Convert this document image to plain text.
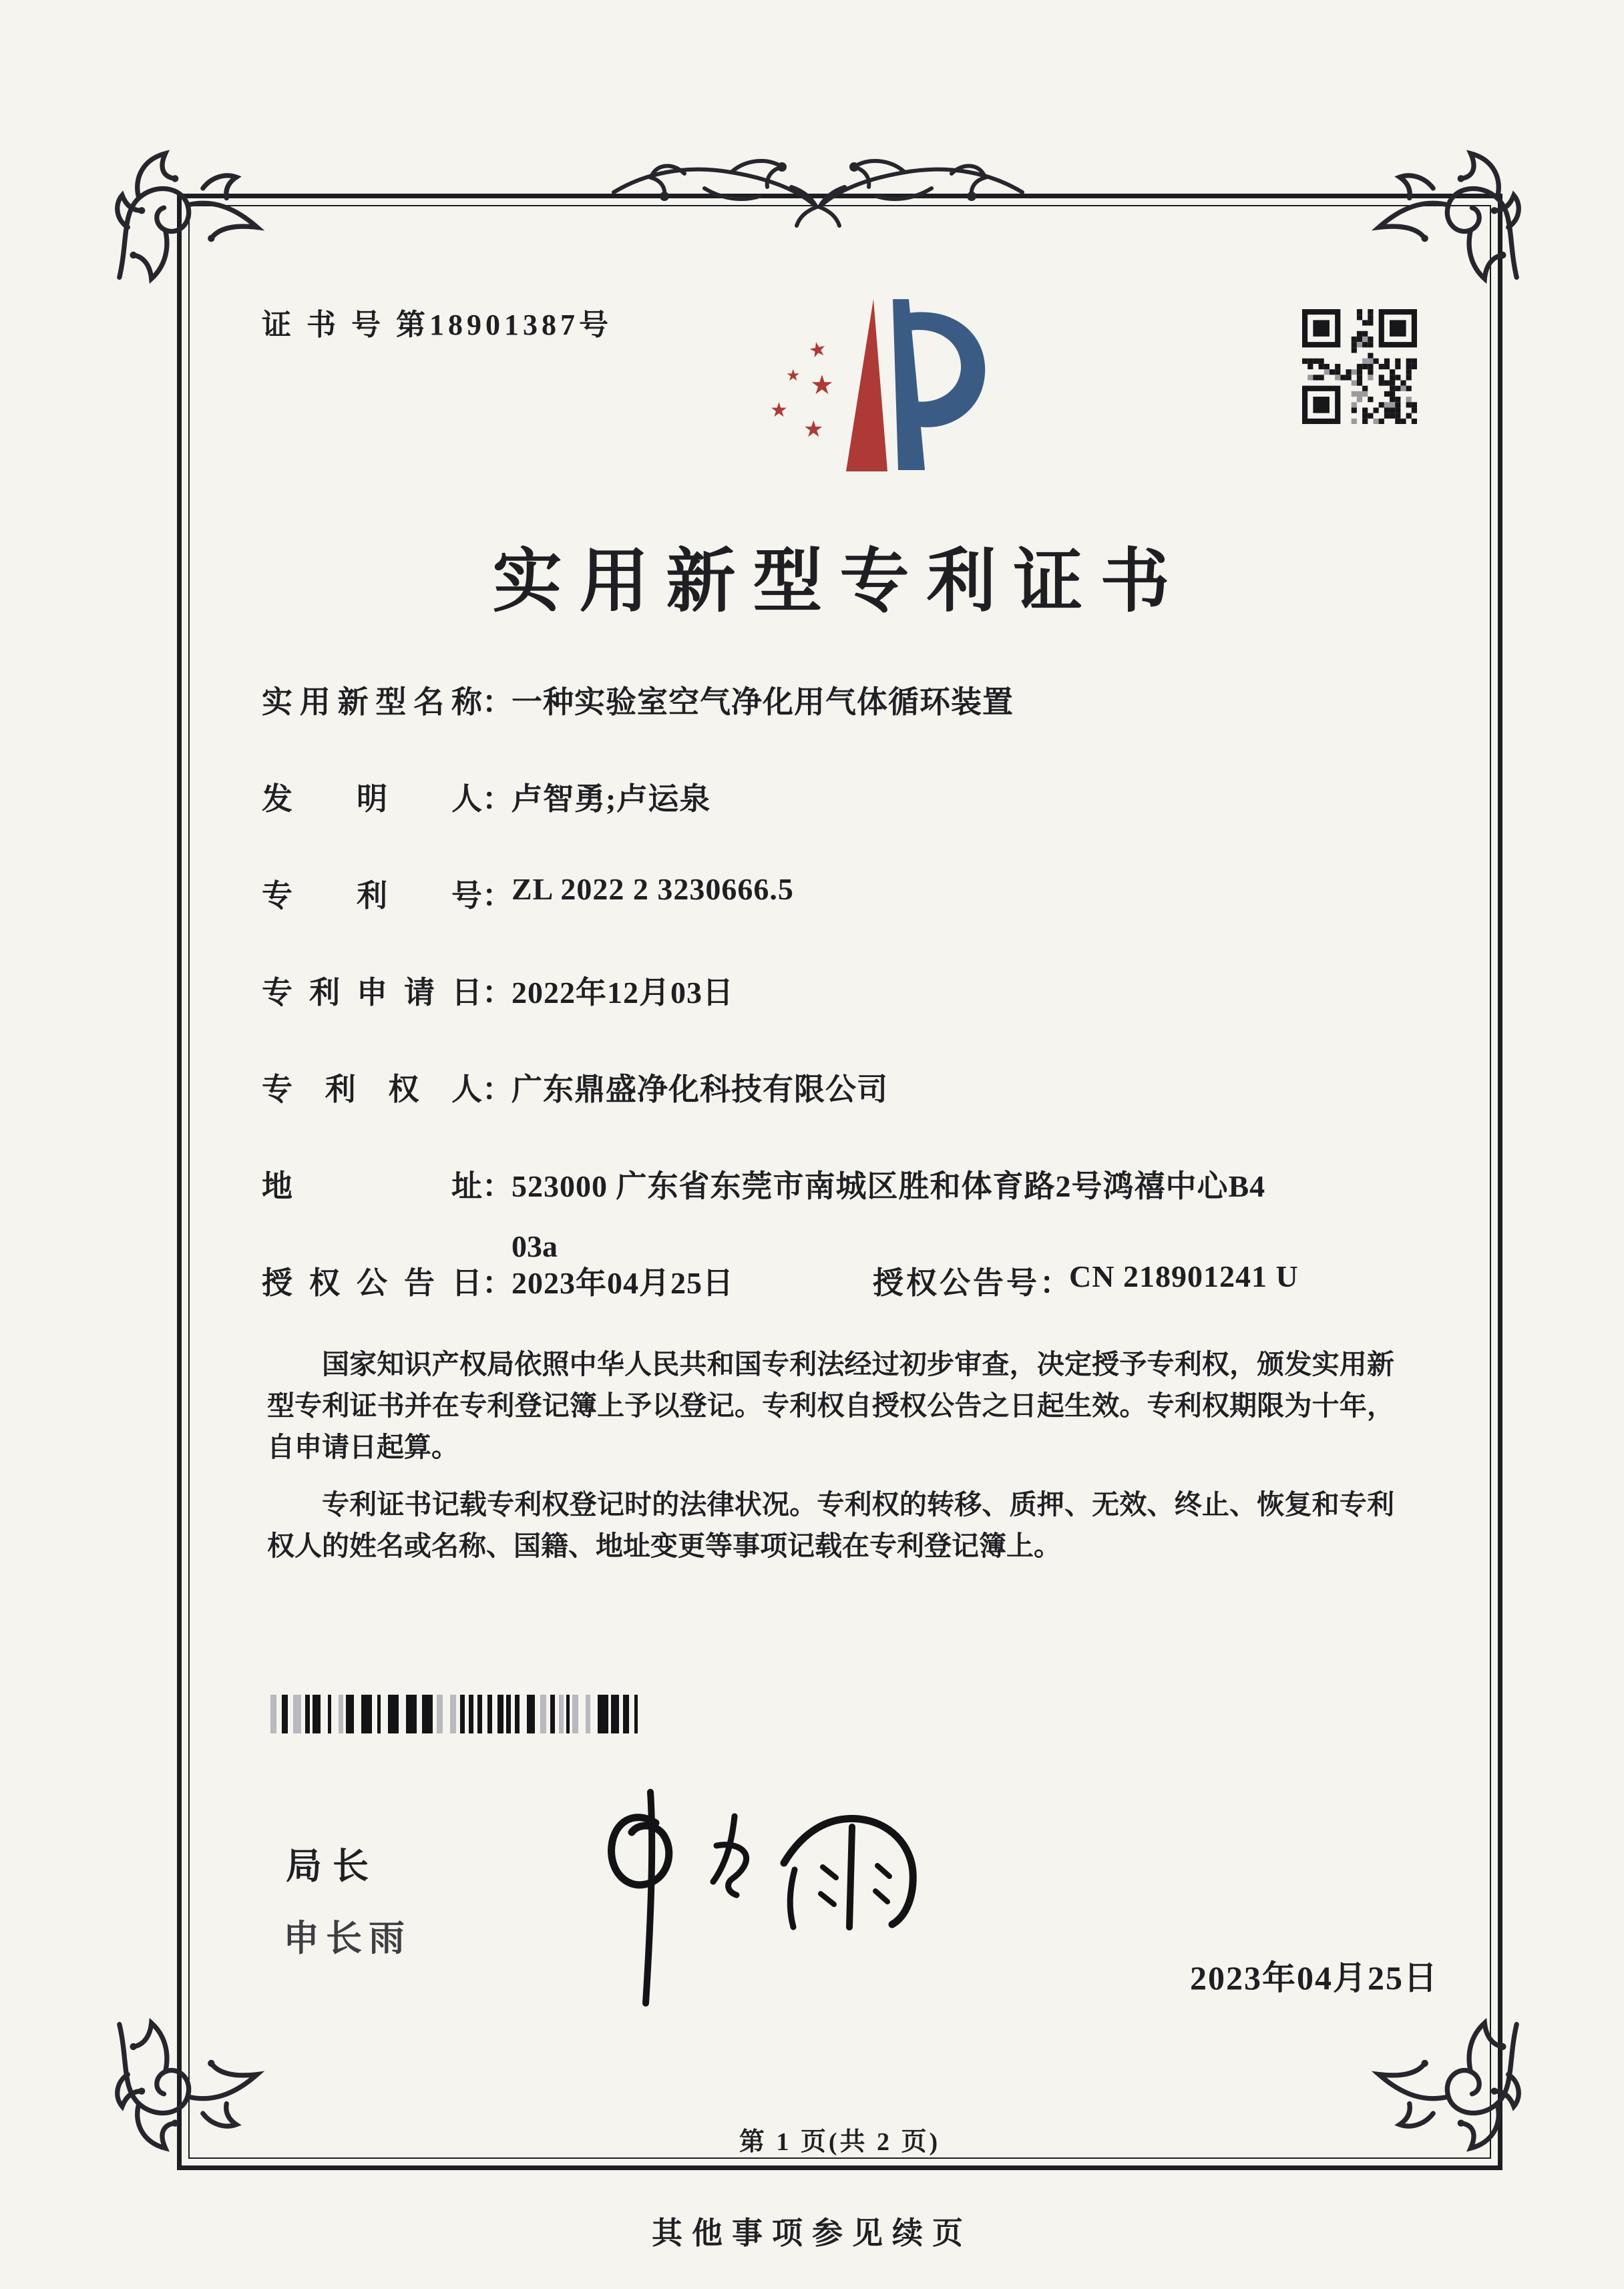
证 书 号 第18901387号
★
★ ★
★
★
实用新型专利证书
实用新型名称：一种实验室空气净化用气体循环装置
发明人：卢智勇;卢运泉
专利号：ZL 2022 2 3230666.5
专利申请日：2022年12月03日
专利权人：广东鼎盛净化科技有限公司
地址：523000 广东省东莞市南城区胜和体育路2号鸿禧中心B4
03a
授权公告日：2023年04月25日	授权公告号：CN 218901241 U

国家知识产权局依照中华人民共和国专利法经过初步审查，决定授予专利权，颁发实用新型专利证书并在专利登记簿上予以登记。专利权自授权公告之日起生效。专利权期限为十年，自申请日起算。

专利证书记载专利权登记时的法律状况。专利权的转移、质押、无效、终止、恢复和专利权人的姓名或名称、国籍、地址变更等事项记载在专利登记簿上。

局长
申长雨
2023年04月25日
第 1 页(共 2 页)
其他事项参见续页
